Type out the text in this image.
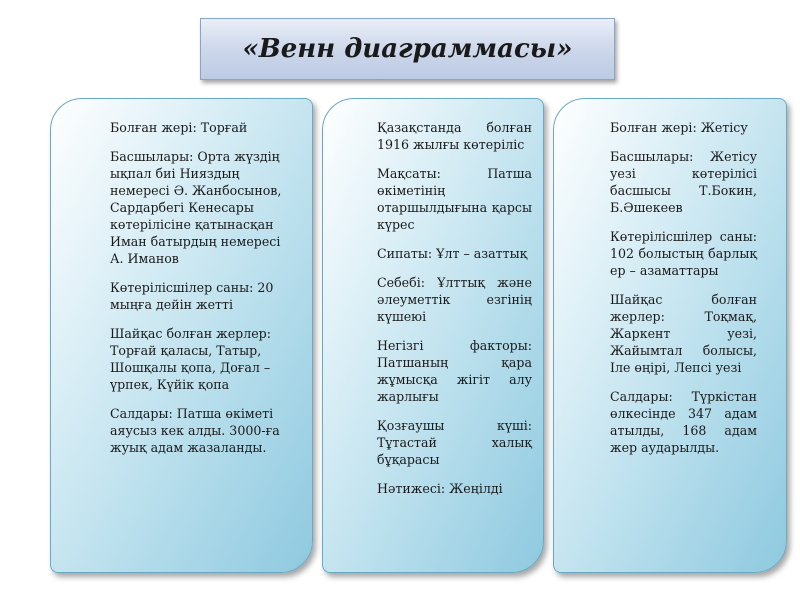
«Венн диаграммасы»

Болған жері: Торғай

Басшылары: Орта жүздің ықпал биі Нияздың немересі Ә. Жанбосынов, Сардарбегі Кенесары көтерілісіне қатынасқан Иман батырдың немересі А. Иманов

Көтерілісшілер саны: 20 мыңға дейін жетті

Шайқас болған жерлер: Торғай қаласы, Татыр, Шошқалы қопа, Доғал – үрпек, Күйік қопа

Салдары: Патша өкіметі аяусыз кек алды. 3000-ға жуық адам жазаланды.

Қазақстанда болған 1916 жылғы көтеріліс

Мақсаты: Патша өкіметінің отаршылдығына қарсы күрес

Сипаты: Ұлт – азаттық

Себебі: Ұлттық және әлеуметтік езгінің күшеюі

Негізгі факторы: Патшаның қара жұмысқа жігіт алу жарлығы

Қозғаушы күші: Тұтастай халық бұқарасы

Нәтижесі: Жеңілді

Болған жері: Жетісу

Басшылары: Жетісу уезі көтерілісі басшысы Т.Бокин, Б.Әшекеев

Көтерілісшілер саны: 102 болыстың барлық ер – азаматтары

Шайқас болған жерлер: Тоқмақ, Жаркент уезі, Жайымтал болысы, Іле өңірі, Лепсі уезі

Салдары: Түркістан өлкесінде 347 адам атылды, 168 адам жер аударылды.
